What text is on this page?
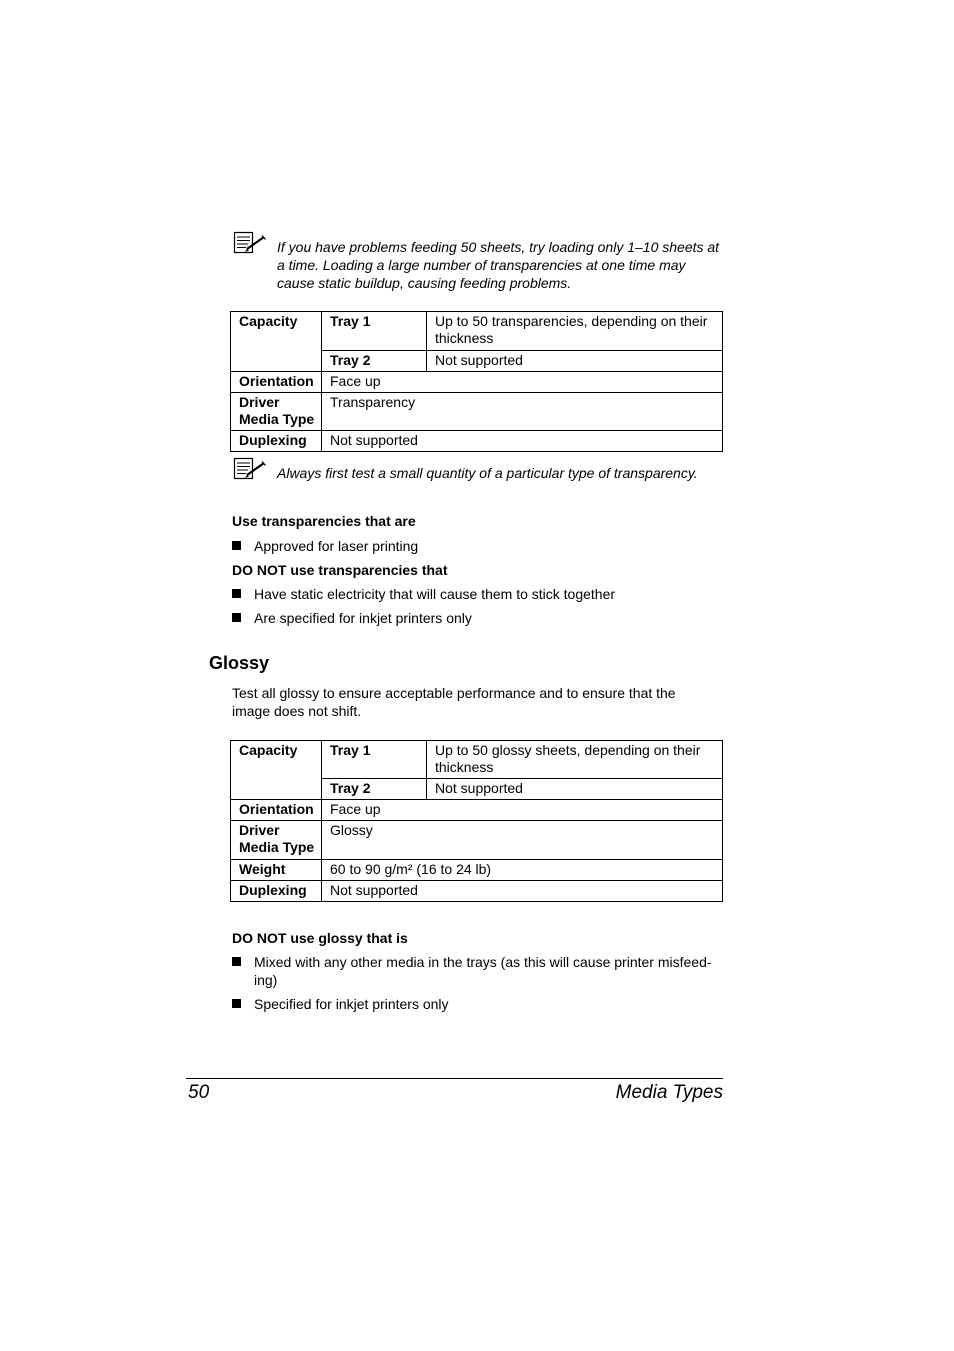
If you have problems feeding 50 sheets, try loading only 1–10 sheets at a time. Loading a large number of transparencies at one time may cause static buildup, causing feeding problems.
Capacity	Tray 1	Up to 50 transparencies, depending on their thickness
	Tray 2	Not supported
Orientation	Face up	
Driver
Media Type	Transparency	
Duplexing	Not supported	
Always first test a small quantity of a particular type of transparency.
Use transparencies that are
Approved for laser printing
DO NOT use transparencies that
Have static electricity that will cause them to stick together
Are specified for inkjet printers only
Glossy
Test all glossy to ensure acceptable performance and to ensure that the image does not shift.
Capacity	Tray 1	Up to 50 glossy sheets, depending on their thickness
	Tray 2	Not supported
Orientation	Face up	
Driver
Media Type	Glossy	
Weight	60 to 90 g/m² (16 to 24 lb)	
Duplexing	Not supported	
DO NOT use glossy that is
Mixed with any other media in the trays (as this will cause printer misfeed-ing)
Specified for inkjet printers only
50	Media Types
